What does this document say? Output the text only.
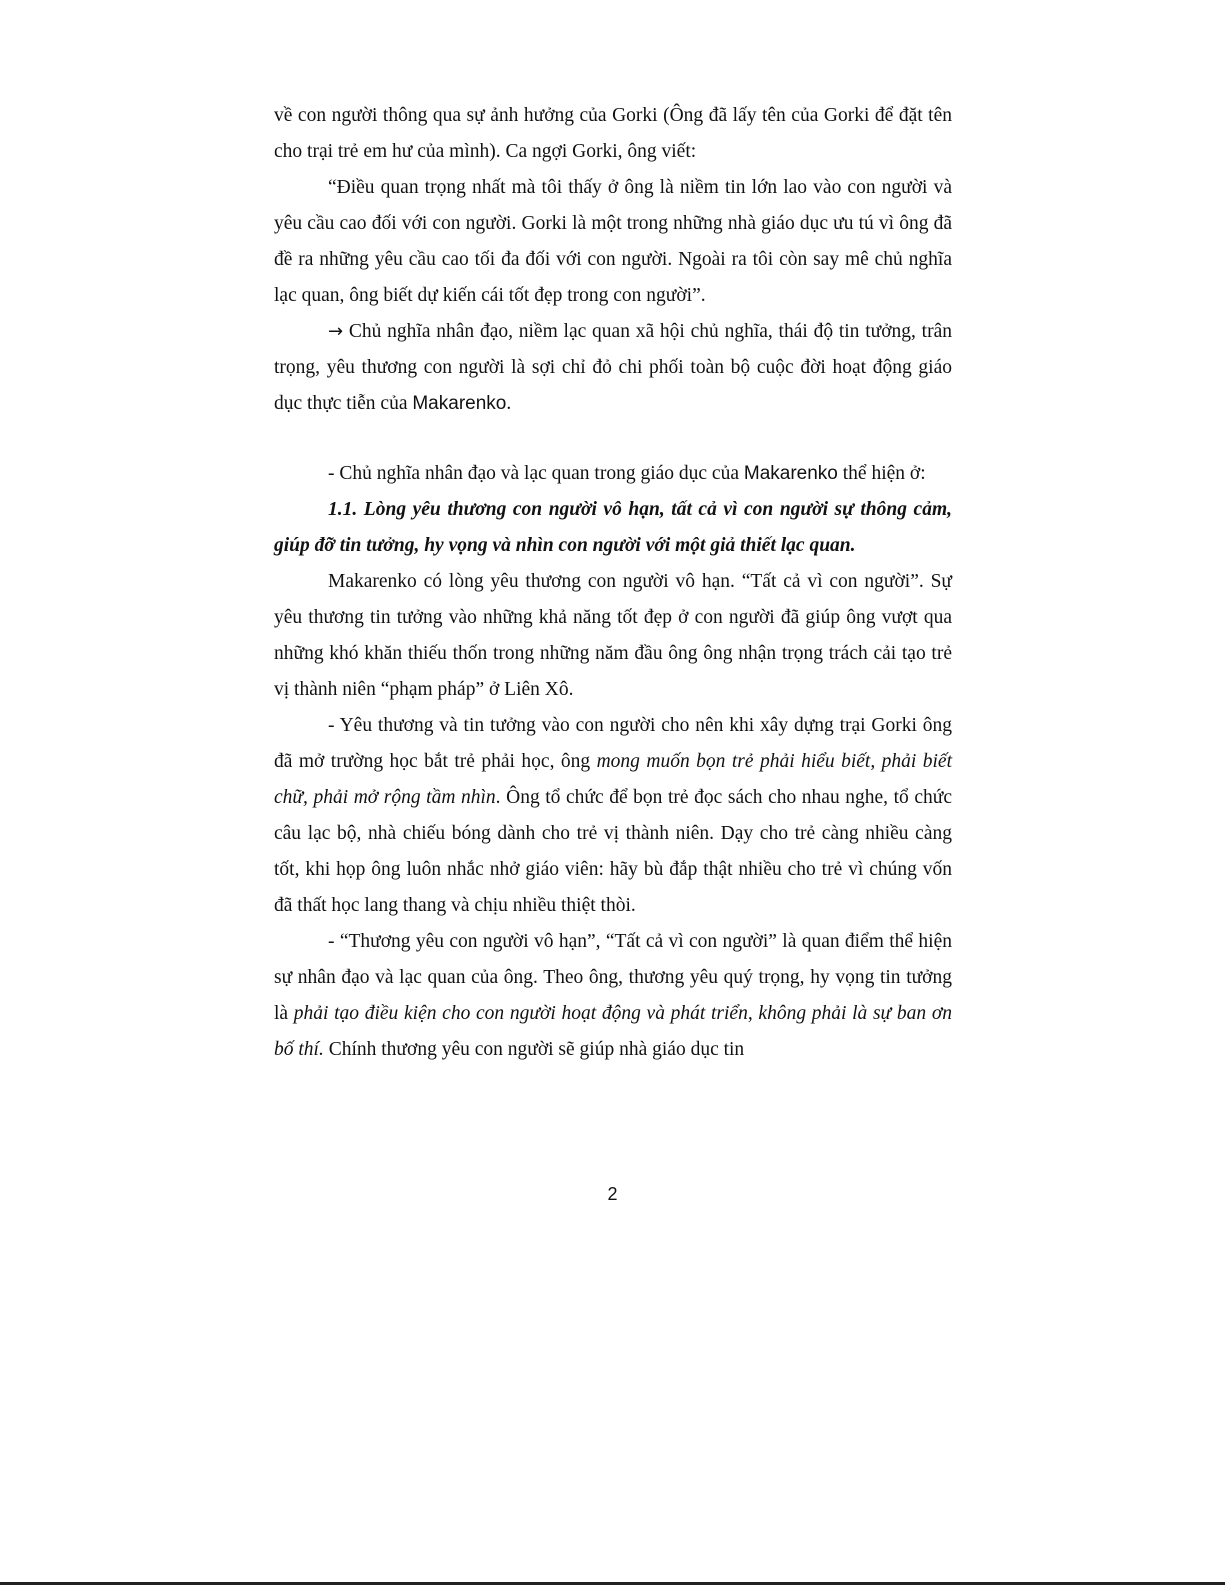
về con người thông qua sự ảnh hưởng của Gorki (Ông đã lấy tên của Gorki để đặt tên cho trại trẻ em hư của mình). Ca ngợi Gorki, ông viết:

“Điều quan trọng nhất mà tôi thấy ở ông là niềm tin lớn lao vào con người và yêu cầu cao đối với con người. Gorki là một trong những nhà giáo dục ưu tú vì ông đã đề ra những yêu cầu cao tối đa đối với con người. Ngoài ra tôi còn say mê chủ nghĩa lạc quan, ông biết dự kiến cái tốt đẹp trong con người”.

→ Chủ nghĩa nhân đạo, niềm lạc quan xã hội chủ nghĩa, thái độ tin tưởng, trân trọng, yêu thương con người là sợi chỉ đỏ chi phối toàn bộ cuộc đời hoạt động giáo dục thực tiễn của Makarenko.

- Chủ nghĩa nhân đạo và lạc quan trong giáo dục của Makarenko thể hiện ở:

1.1. Lòng yêu thương con người vô hạn, tất cả vì con người sự thông cảm, giúp đỡ tin tưởng, hy vọng và nhìn con người với một giả thiết lạc quan.

Makarenko có lòng yêu thương con người vô hạn. “Tất cả vì con người”. Sự yêu thương tin tưởng vào những khả năng tốt đẹp ở con người đã giúp ông vượt qua những khó khăn thiếu thốn trong những năm đầu ông ông nhận trọng trách cải tạo trẻ vị thành niên “phạm pháp” ở Liên Xô.

- Yêu thương và tin tưởng vào con người cho nên khi xây dựng trại Gorki ông đã mở trường học bắt trẻ phải học, ông mong muốn bọn trẻ phải hiểu biết, phải biết chữ, phải mở rộng tầm nhìn. Ông tổ chức để bọn trẻ đọc sách cho nhau nghe, tổ chức câu lạc bộ, nhà chiếu bóng dành cho trẻ vị thành niên. Dạy cho trẻ càng nhiều càng tốt, khi họp ông luôn nhắc nhở giáo viên: hãy bù đắp thật nhiều cho trẻ vì chúng vốn đã thất học lang thang và chịu nhiều thiệt thòi.

- “Thương yêu con người vô hạn”, “Tất cả vì con người” là quan điểm thể hiện sự nhân đạo và lạc quan của ông. Theo ông, thương yêu quý trọng, hy vọng tin tưởng là phải tạo điều kiện cho con người hoạt động và phát triển, không phải là sự ban ơn bố thí. Chính thương yêu con người sẽ giúp nhà giáo dục tin

2
